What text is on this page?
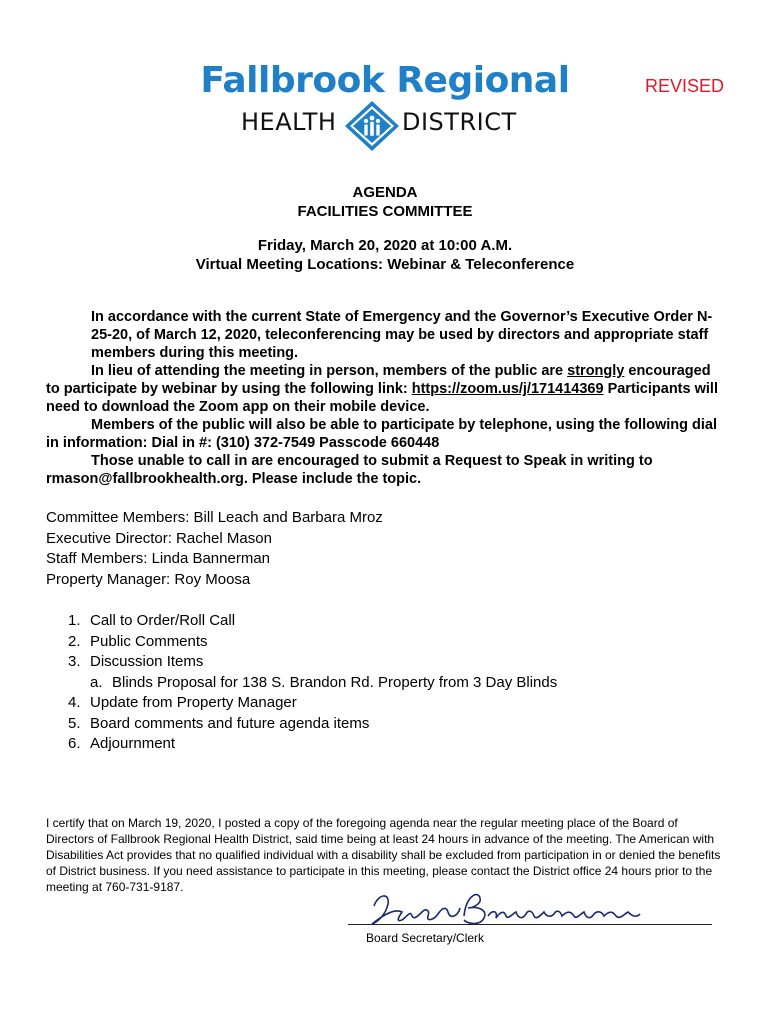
Fallbrook Regional
HEALTH	DISTRICT
REVISED
AGENDA
FACILITIES COMMITTEE
Friday, March 20, 2020 at 10:00 A.M.
Virtual Meeting Locations: Webinar & Teleconference

In accordance with the current State of Emergency and the Governor’s Executive Order N-25-20, of March 12, 2020, teleconferencing may be used by directors and appropriate staff members during this meeting.

In lieu of attending the meeting in person, members of the public are strongly encouraged to participate by webinar by using the following link: https://zoom.us/j/171414369 Participants will need to download the Zoom app on their mobile device.

Members of the public will also be able to participate by telephone, using the following dial in information: Dial in #: (310) 372-7549 Passcode 660448

Those unable to call in are encouraged to submit a Request to Speak in writing to rmason@fallbrookhealth.org. Please include the topic.

Committee Members: Bill Leach and Barbara Mroz
Executive Director: Rachel Mason
Staff Members: Linda Bannerman
Property Manager: Roy Moosa
1. Call to Order/Roll Call
2. Public Comments
3. Discussion Items
a. Blinds Proposal for 138 S. Brandon Rd. Property from 3 Day Blinds
4. Update from Property Manager
5. Board comments and future agenda items
6. Adjournment
I certify that on March 19, 2020, I posted a copy of the foregoing agenda near the regular meeting place of the Board of Directors of Fallbrook Regional Health District, said time being at least 24 hours in advance of the meeting. The American with Disabilities Act provides that no qualified individual with a disability shall be excluded from participation in or denied the benefits of District business. If you need assistance to participate in this meeting, please contact the District office 24 hours prior to the meeting at 760-731-9187.
Board Secretary/Clerk
